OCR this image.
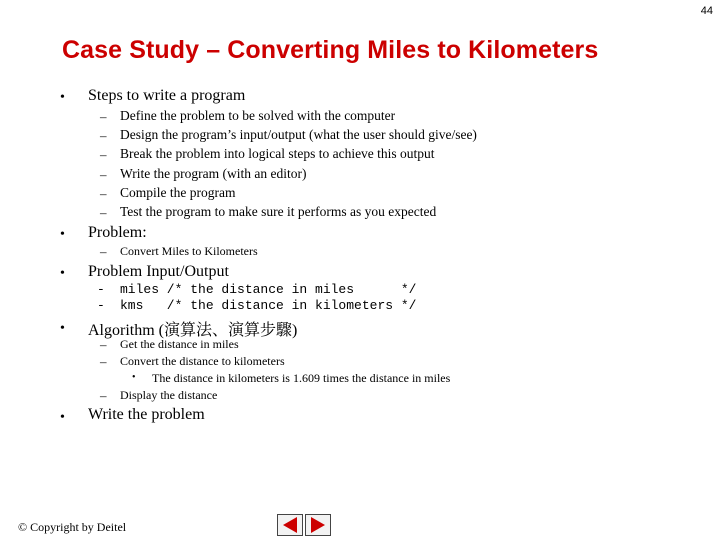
44
Case Study – Converting Miles to Kilometers
• Steps to write a program
– Define the problem to be solved with the computer
– Design the program’s input/output (what the user should give/see)
– Break the problem into logical steps to achieve this output
– Write the program (with an editor)
– Compile the program
– Test the program to make sure it performs as you expected
• Problem:
– Convert Miles to Kilometers
• Problem Input/Output
- miles /* the distance in miles      */
- kms   /* the distance in kilometers */
• Algorithm (演算法、演算步驟)
– Get the distance in miles
– Convert the distance to kilometers
• The distance in kilometers is 1.609 times the distance in miles
– Display the distance
• Write the problem
© Copyright by Deitel
